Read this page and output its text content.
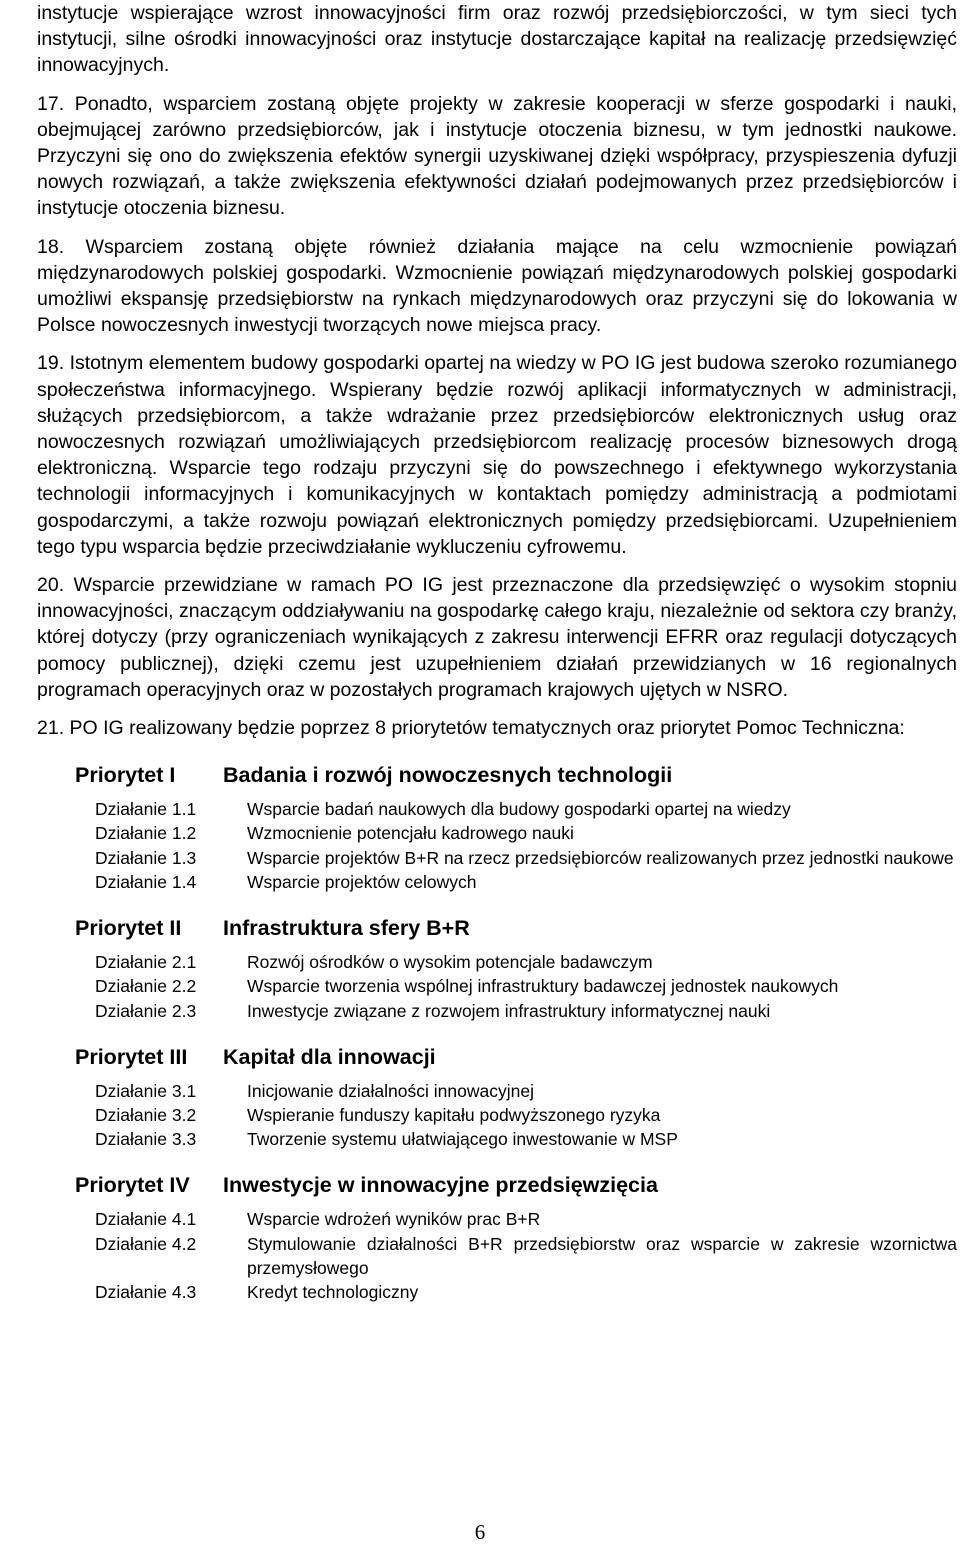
instytucje wspierające wzrost innowacyjności firm oraz rozwój przedsiębiorczości, w tym sieci tych instytucji, silne ośrodki innowacyjności oraz instytucje dostarczające kapitał na realizację przedsięwzięć innowacyjnych.

17. Ponadto, wsparciem zostaną objęte projekty w zakresie kooperacji w sferze gospodarki i nauki, obejmującej zarówno przedsiębiorców, jak i instytucje otoczenia biznesu, w tym jednostki naukowe. Przyczyni się ono do zwiększenia efektów synergii uzyskiwanej dzięki współpracy, przyspieszenia dyfuzji nowych rozwiązań, a także zwiększenia efektywności działań podejmowanych przez przedsiębiorców i instytucje otoczenia biznesu.
18. Wsparciem zostaną objęte również działania mające na celu wzmocnienie powiązań międzynarodowych polskiej gospodarki. Wzmocnienie powiązań międzynarodowych polskiej gospodarki umożliwi ekspansję przedsiębiorstw na rynkach międzynarodowych oraz przyczyni się do lokowania w Polsce nowoczesnych inwestycji tworzących nowe miejsca pracy.
19. Istotnym elementem budowy gospodarki opartej na wiedzy w PO IG jest budowa szeroko rozumianego społeczeństwa informacyjnego. Wspierany będzie rozwój aplikacji informatycznych w administracji, służących przedsiębiorcom, a także wdrażanie przez przedsiębiorców elektronicznych usług oraz nowoczesnych rozwiązań umożliwiających przedsiębiorcom realizację procesów biznesowych drogą elektroniczną. Wsparcie tego rodzaju przyczyni się do powszechnego i efektywnego wykorzystania technologii informacyjnych i komunikacyjnych w kontaktach pomiędzy administracją a podmiotami gospodarczymi, a także rozwoju powiązań elektronicznych pomiędzy przedsiębiorcami. Uzupełnieniem tego typu wsparcia będzie przeciwdziałanie wykluczeniu cyfrowemu.
20. Wsparcie przewidziane w ramach PO IG jest przeznaczone dla przedsięwzięć o wysokim stopniu innowacyjności, znaczącym oddziaływaniu na gospodarkę całego kraju, niezależnie od sektora czy branży, której dotyczy (przy ograniczeniach wynikających z zakresu interwencji EFRR oraz regulacji dotyczących pomocy publicznej), dzięki czemu jest uzupełnieniem działań przewidzianych w 16 regionalnych programach operacyjnych oraz w pozostałych programach krajowych ujętych w NSRO.
21. PO IG realizowany będzie poprzez 8 priorytetów tematycznych oraz priorytet Pomoc Techniczna:
Priorytet I	Badania i rozwój nowoczesnych technologii
Działanie 1.1	Wsparcie badań naukowych dla budowy gospodarki opartej na wiedzy
Działanie 1.2	Wzmocnienie potencjału kadrowego nauki
Działanie 1.3	Wsparcie projektów B+R na rzecz przedsiębiorców realizowanych przez jednostki naukowe
Działanie 1.4	Wsparcie projektów celowych
Priorytet II	Infrastruktura sfery B+R
Działanie 2.1	Rozwój ośrodków o wysokim potencjale badawczym
Działanie 2.2	Wsparcie tworzenia wspólnej infrastruktury badawczej jednostek naukowych
Działanie 2.3	Inwestycje związane z rozwojem infrastruktury informatycznej nauki
Priorytet III	Kapitał dla innowacji
Działanie 3.1	Inicjowanie działalności innowacyjnej
Działanie 3.2	Wspieranie funduszy kapitału podwyższonego ryzyka
Działanie 3.3	Tworzenie systemu ułatwiającego inwestowanie w MSP
Priorytet IV	Inwestycje w innowacyjne przedsięwzięcia
Działanie 4.1	Wsparcie wdrożeń wyników prac B+R
Działanie 4.2	Stymulowanie działalności B+R przedsiębiorstw oraz wsparcie w zakresie wzornictwa przemysłowego
Działanie 4.3	Kredyt technologiczny
6
